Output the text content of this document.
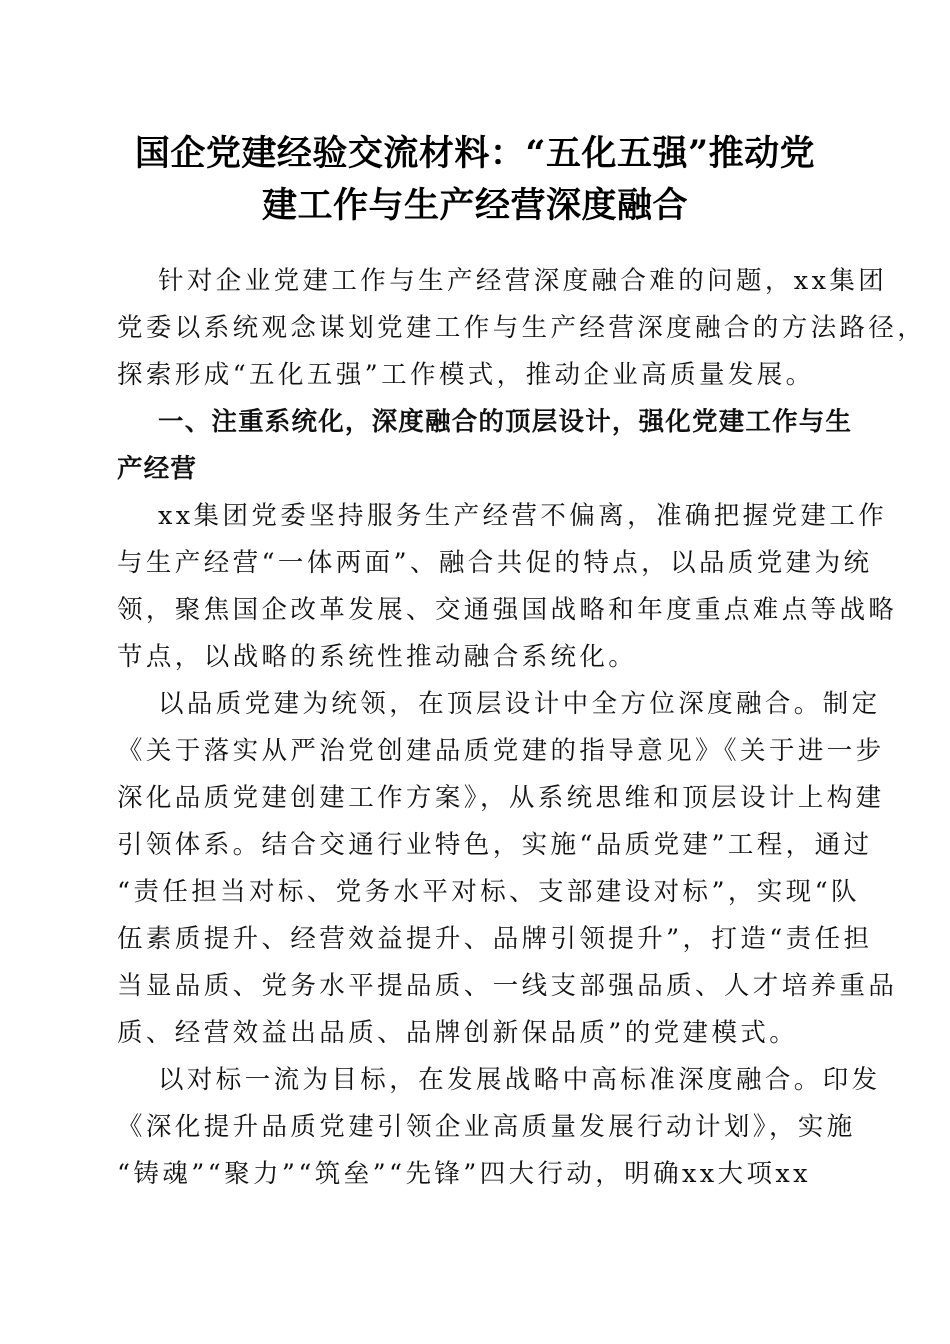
国企党建经验交流材料：“五化五强”推动党
建工作与生产经营深度融合
针对企业党建工作与生产经营深度融合难的问题，xx集团
党委以系统观念谋划党建工作与生产经营深度融合的方法路径，
探索形成“五化五强”工作模式，推动企业高质量发展。
一、注重系统化，深度融合的顶层设计，强化党建工作与生
产经营
xx集团党委坚持服务生产经营不偏离，准确把握党建工作
与生产经营“一体两面”、融合共促的特点，以品质党建为统
领，聚焦国企改革发展、交通强国战略和年度重点难点等战略
节点，以战略的系统性推动融合系统化。
以品质党建为统领，在顶层设计中全方位深度融合。制定
《关于落实从严治党创建品质党建的指导意见》《关于进一步
深化品质党建创建工作方案》，从系统思维和顶层设计上构建
引领体系。结合交通行业特色，实施“品质党建”工程，通过
“责任担当对标、党务水平对标、支部建设对标”，实现“队
伍素质提升、经营效益提升、品牌引领提升”，打造“责任担
当显品质、党务水平提品质、一线支部强品质、人才培养重品
质、经营效益出品质、品牌创新保品质”的党建模式。
以对标一流为目标，在发展战略中高标准深度融合。印发
《深化提升品质党建引领企业高质量发展行动计划》，实施
“铸魂”“聚力”“筑垒”“先锋”四大行动，明确xx大项xx
